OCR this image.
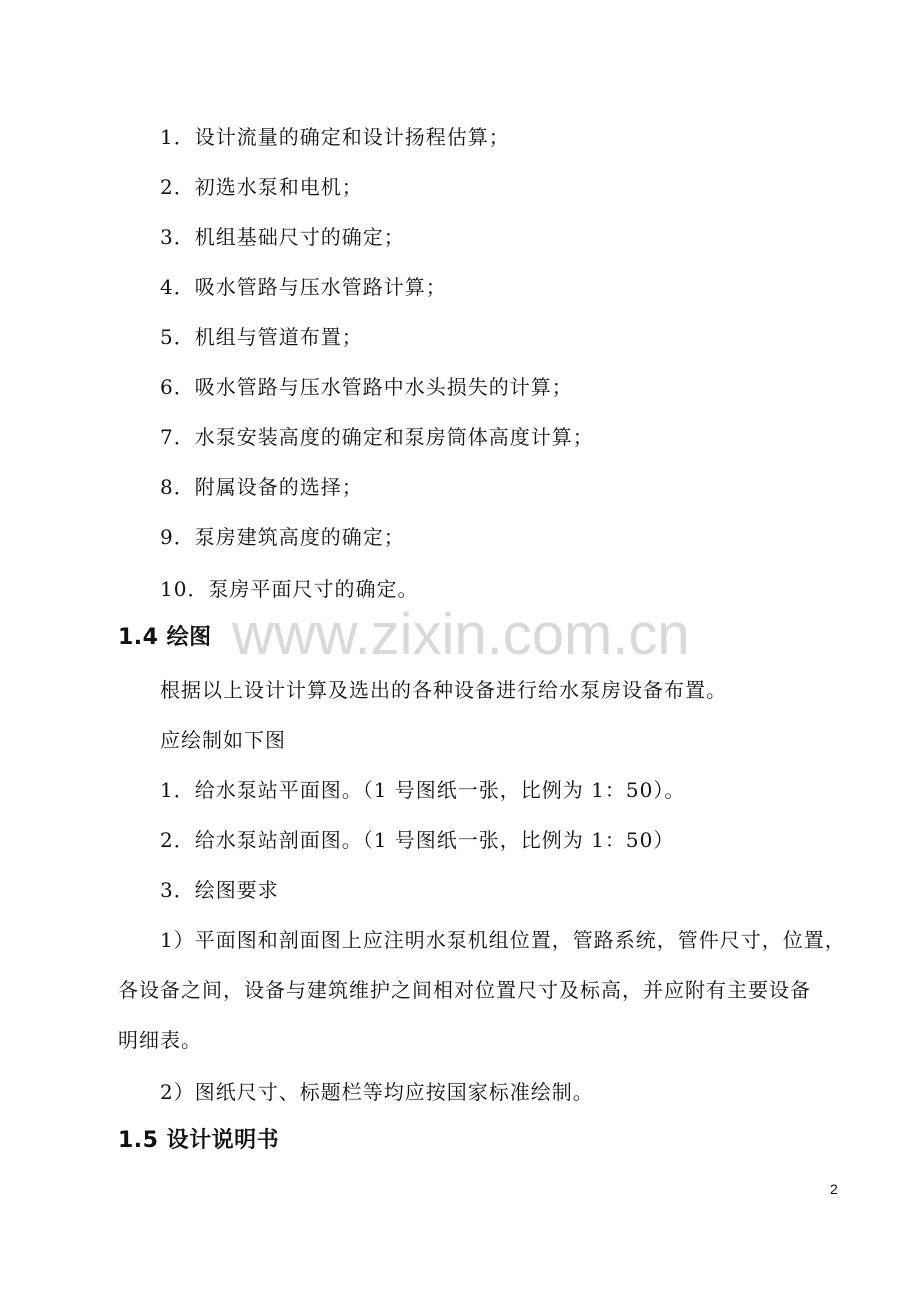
1．设计流量的确定和设计扬程估算；
2．初选水泵和电机；
3．机组基础尺寸的确定；
4．吸水管路与压水管路计算；
5．机组与管道布置；
6．吸水管路与压水管路中水头损失的计算；
7．水泵安装高度的确定和泵房筒体高度计算；
8．附属设备的选择；
9．泵房建筑高度的确定；
10．泵房平面尺寸的确定。
www.zixin.com.cn
1.4 绘图
根据以上设计计算及选出的各种设备进行给水泵房设备布置。
应绘制如下图
1．给水泵站平面图。（1 号图纸一张，比例为 1：50）。
2．给水泵站剖面图。（1 号图纸一张，比例为 1：50）
3．绘图要求
1）平面图和剖面图上应注明水泵机组位置，管路系统，管件尺寸，位置，
各设备之间，设备与建筑维护之间相对位置尺寸及标高，并应附有主要设备
明细表。
2）图纸尺寸、标题栏等均应按国家标准绘制。
1.5 设计说明书
2
